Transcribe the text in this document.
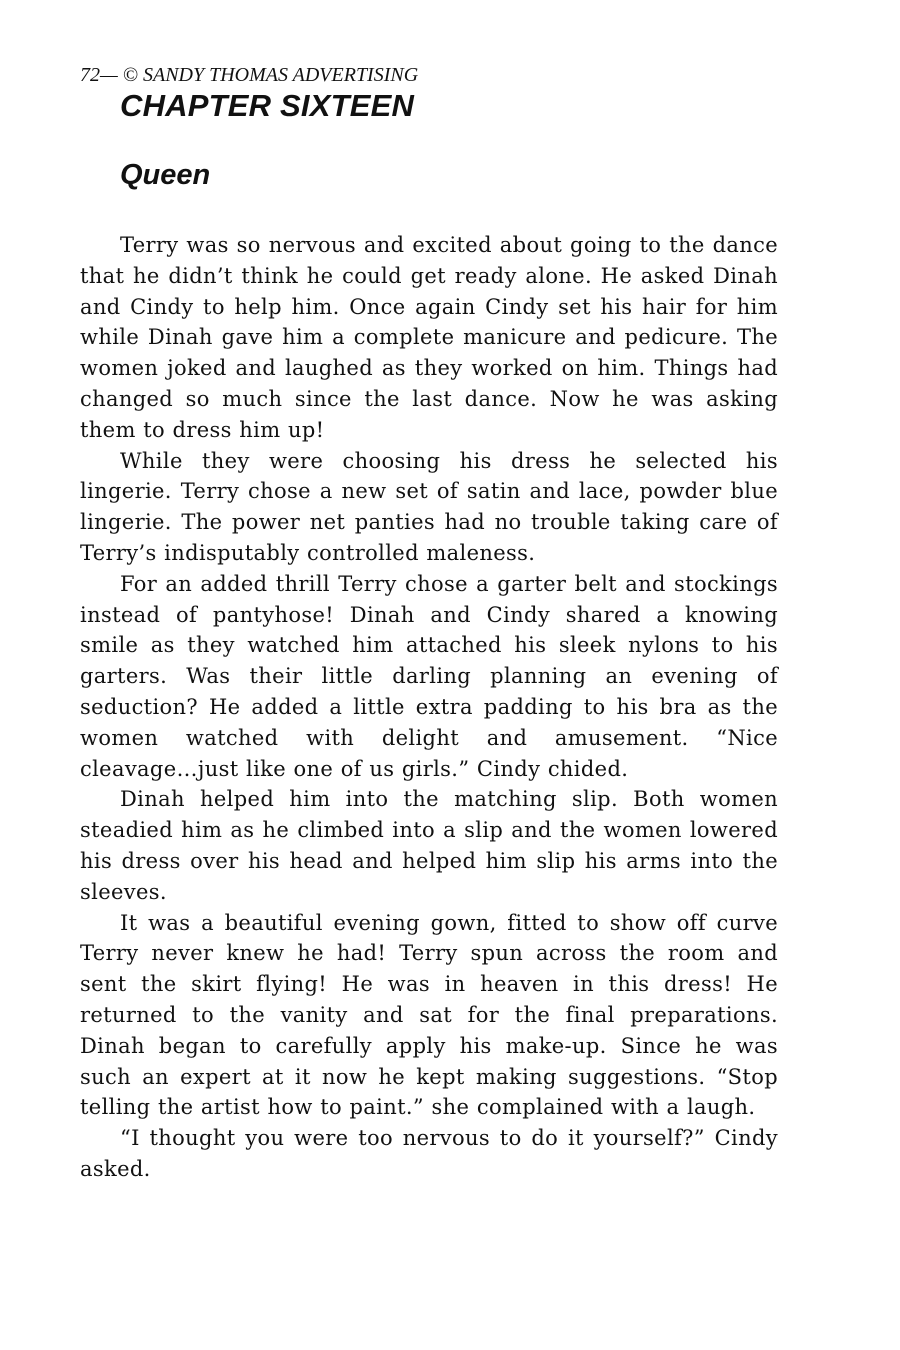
72— © SANDY THOMAS ADVERTISING
CHAPTER SIXTEEN
Queen

Terry was so nervous and excited about going to the dance that he didn’t think he could get ready alone. He asked Dinah and Cindy to help him. Once again Cindy set his hair for him while Dinah gave him a complete manicure and pedicure. The women joked and laughed as they worked on him. Things had changed so much since the last dance. Now he was asking them to dress him up!

While they were choosing his dress he selected his lingerie. Terry chose a new set of satin and lace, powder blue lingerie. The power net panties had no trouble taking care of Terry’s indisputably controlled maleness.

For an added thrill Terry chose a garter belt and stockings instead of pantyhose! Dinah and Cindy shared a knowing smile as they watched him attached his sleek nylons to his garters. Was their little darling planning an evening of seduction? He added a little extra padding to his bra as the women watched with delight and amusement. “Nice cleavage…just like one of us girls.” Cindy chided.

Dinah helped him into the matching slip. Both women steadied him as he climbed into a slip and the women lowered his dress over his head and helped him slip his arms into the sleeves.

It was a beautiful evening gown, fitted to show off curve Terry never knew he had! Terry spun across the room and sent the skirt flying! He was in heaven in this dress! He returned to the vanity and sat for the final preparations. Dinah began to carefully apply his make-up. Since he was such an expert at it now he kept making suggestions. “Stop telling the artist how to paint.” she complained with a laugh.

“I thought you were too nervous to do it yourself?” Cindy asked.
